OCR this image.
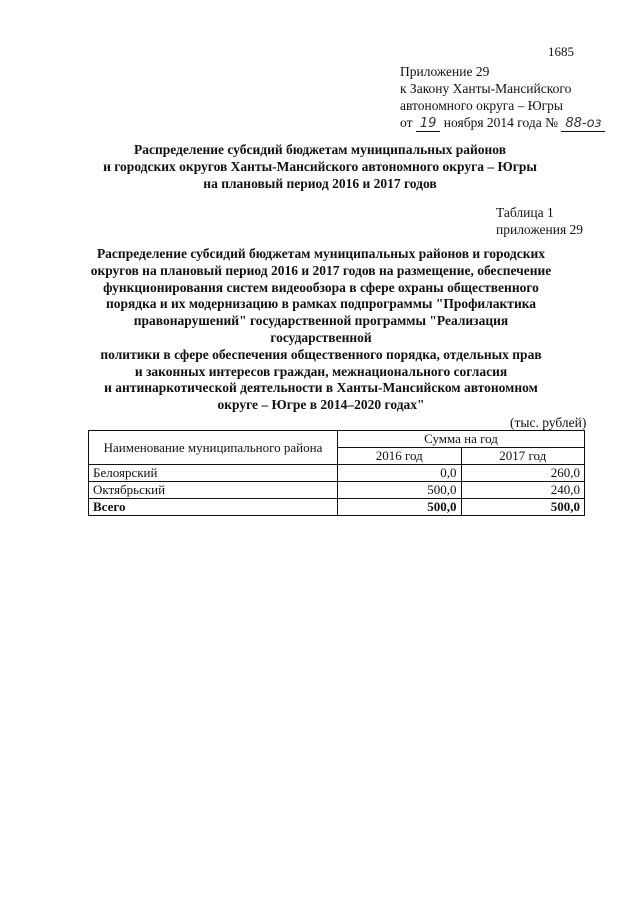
1685
Приложение 29
к Закону Ханты-Мансийского
автономного округа – Югры
от 19 ноября 2014 года № 88-оз
Распределение субсидий бюджетам муниципальных районов
и городских округов Ханты-Мансийского автономного округа – Югры
на плановый период 2016 и 2017 годов
Таблица 1
приложения 29
Распределение субсидий бюджетам муниципальных районов и городских
округов на плановый период 2016 и 2017 годов на размещение, обеспечение
функционирования систем видеообзора в сфере охраны общественного
порядка и их модернизацию в рамках подпрограммы "Профилактика
правонарушений" государственной программы "Реализация государственной
политики в сфере обеспечения общественного порядка, отдельных прав
и законных интересов граждан, межнационального согласия
и антинаркотической деятельности в Ханты-Мансийском автономном
округе – Югре в 2014–2020 годах"
(тыс. рублей)
Наименование муниципального района	Сумма на год	
	2016 год	2017 год
Белоярский	0,0	260,0
Октябрьский	500,0	240,0
Всего	500,0	500,0
